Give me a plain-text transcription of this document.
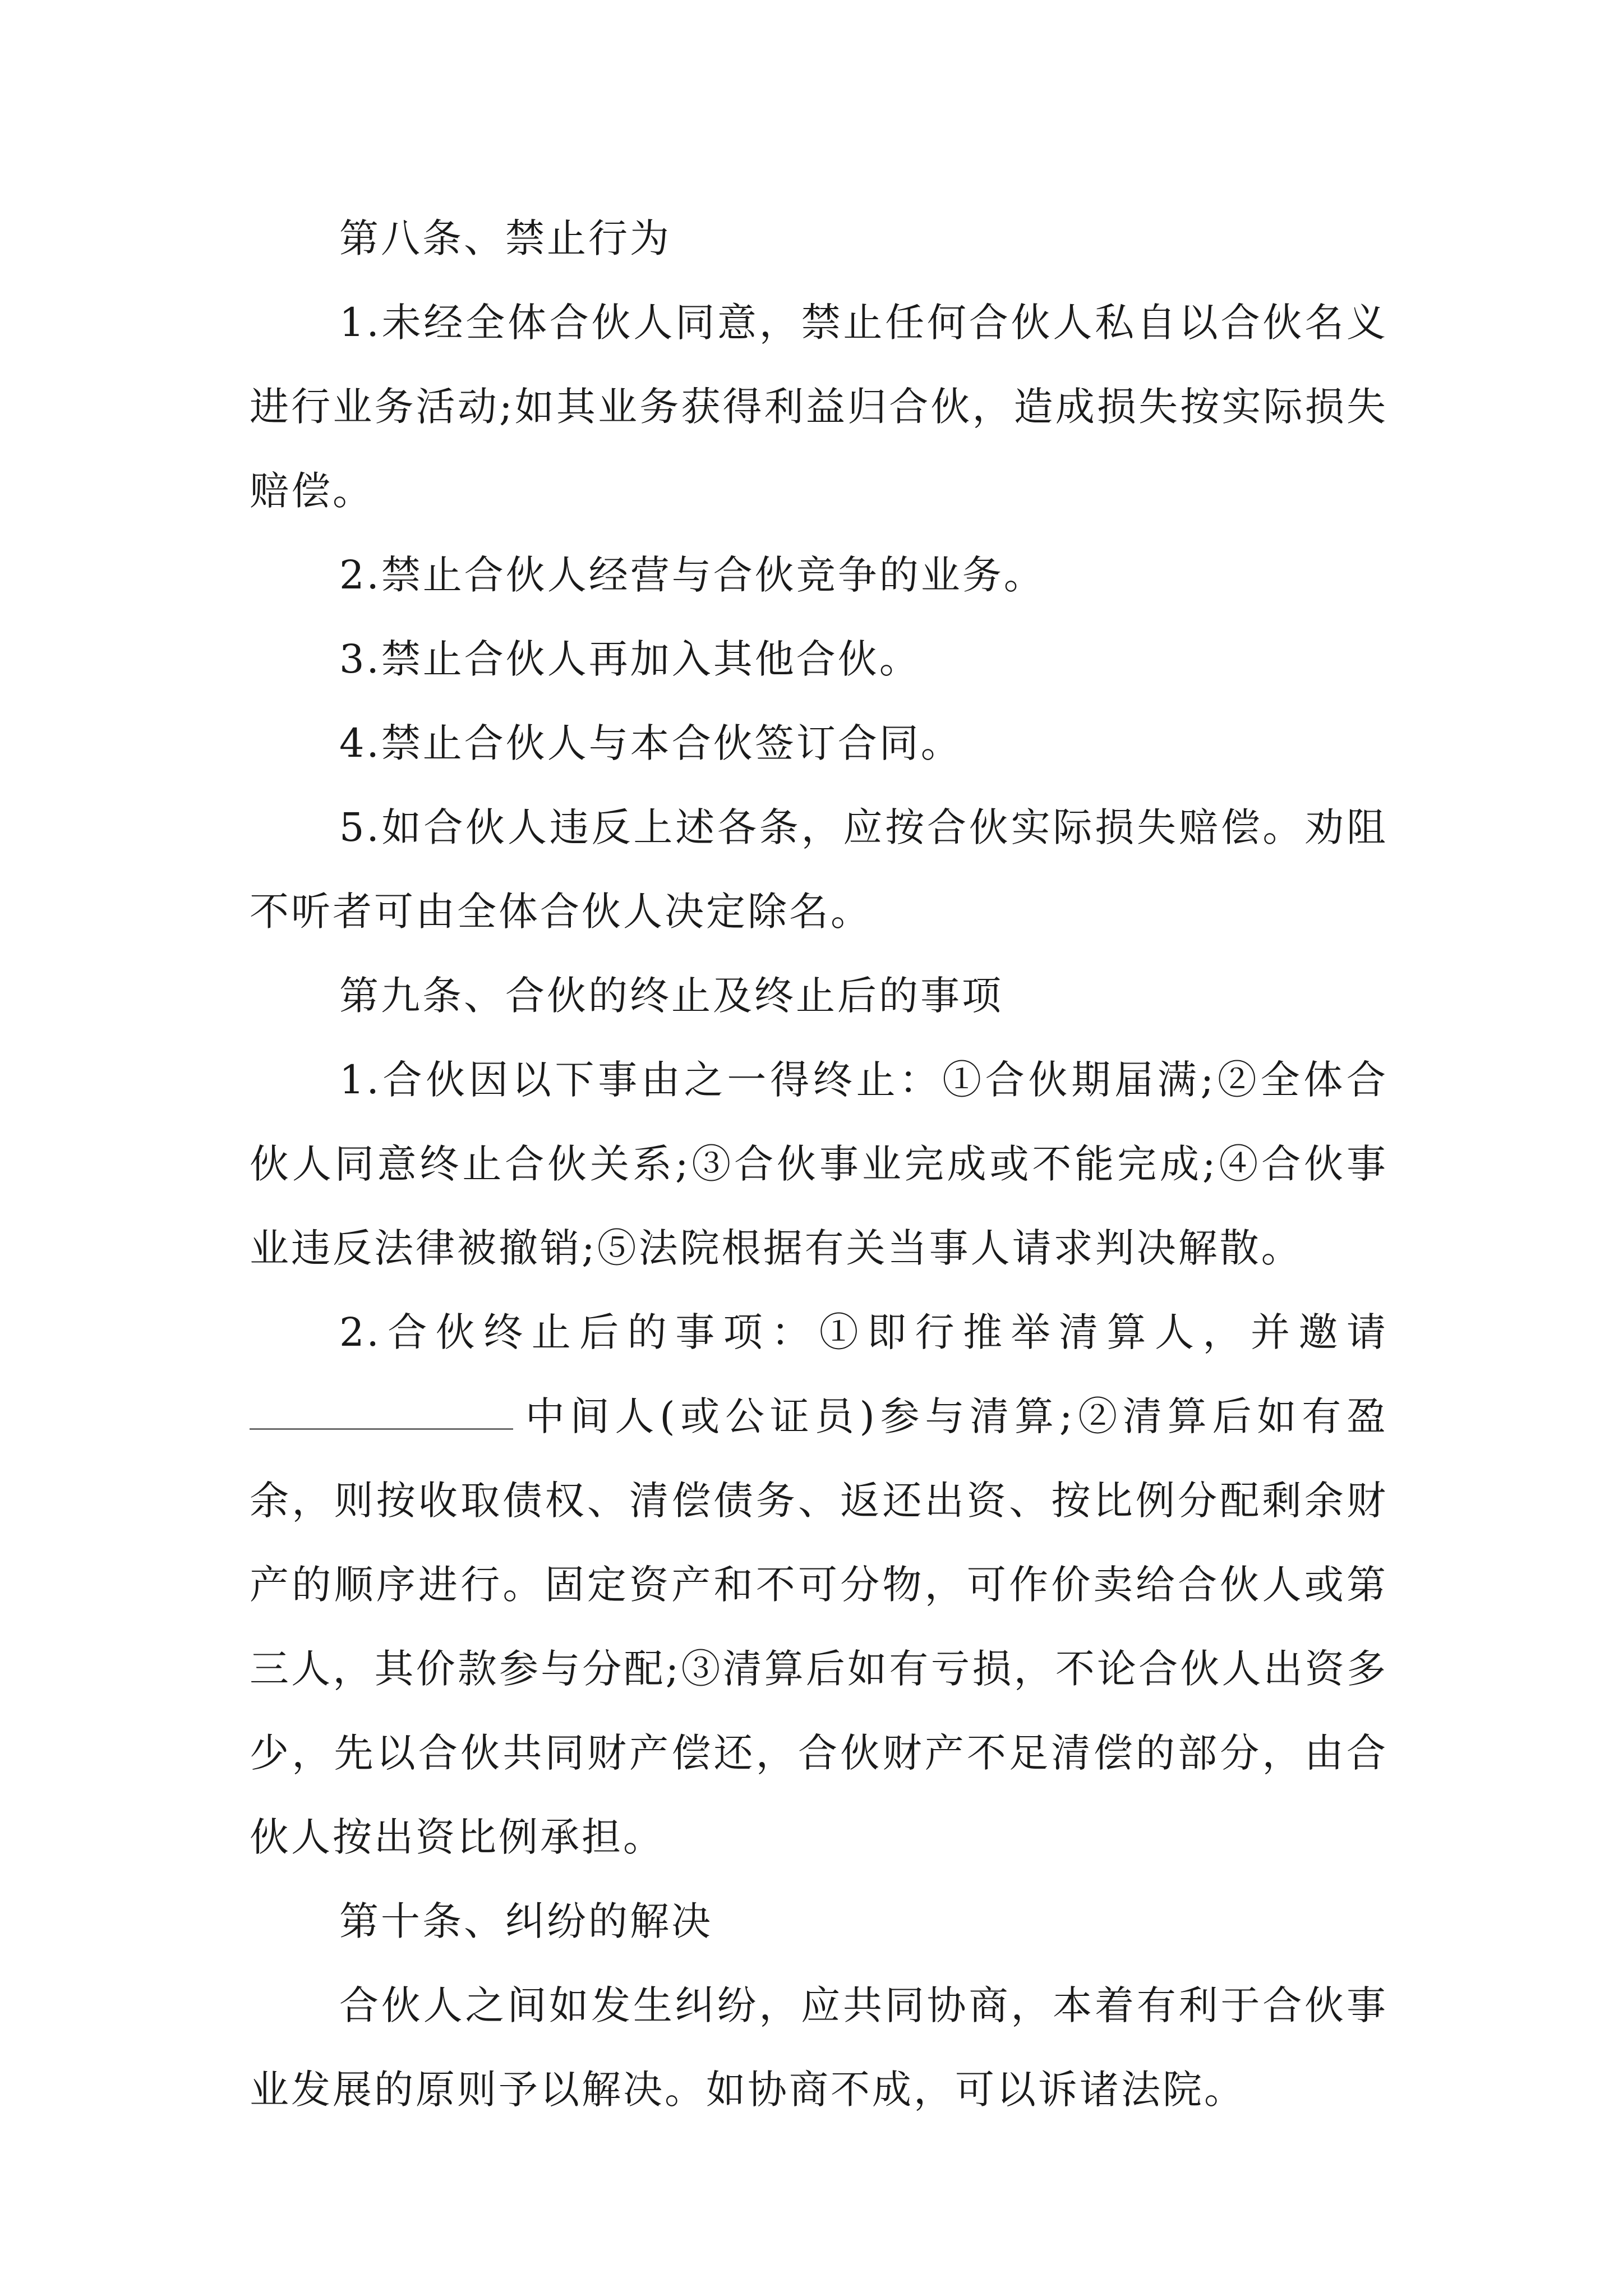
第八条、禁止行为

1.未经全体合伙人同意，禁止任何合伙人私自以合伙名义进行业务活动;如其业务获得利益归合伙，造成损失按实际损失赔偿。

2.禁止合伙人经营与合伙竞争的业务。

3.禁止合伙人再加入其他合伙。

4.禁止合伙人与本合伙签订合同。

5.如合伙人违反上述各条，应按合伙实际损失赔偿。劝阻不听者可由全体合伙人决定除名。

第九条、合伙的终止及终止后的事项

1.合伙因以下事由之一得终止：①合伙期届满;②全体合伙人同意终止合伙关系;③合伙事业完成或不能完成;④合伙事业违反法律被撤销;⑤法院根据有关当事人请求判决解散。

2.合伙终止后的事项：①即行推举清算人，并邀请中间人(或公证员)参与清算;②清算后如有盈余，则按收取债权、清偿债务、返还出资、按比例分配剩余财产的顺序进行。固定资产和不可分物，可作价卖给合伙人或第三人，其价款参与分配;③清算后如有亏损，不论合伙人出资多少，先以合伙共同财产偿还，合伙财产不足清偿的部分，由合伙人按出资比例承担。

第十条、纠纷的解决

合伙人之间如发生纠纷，应共同协商，本着有利于合伙事业发展的原则予以解决。如协商不成，可以诉诸法院。
